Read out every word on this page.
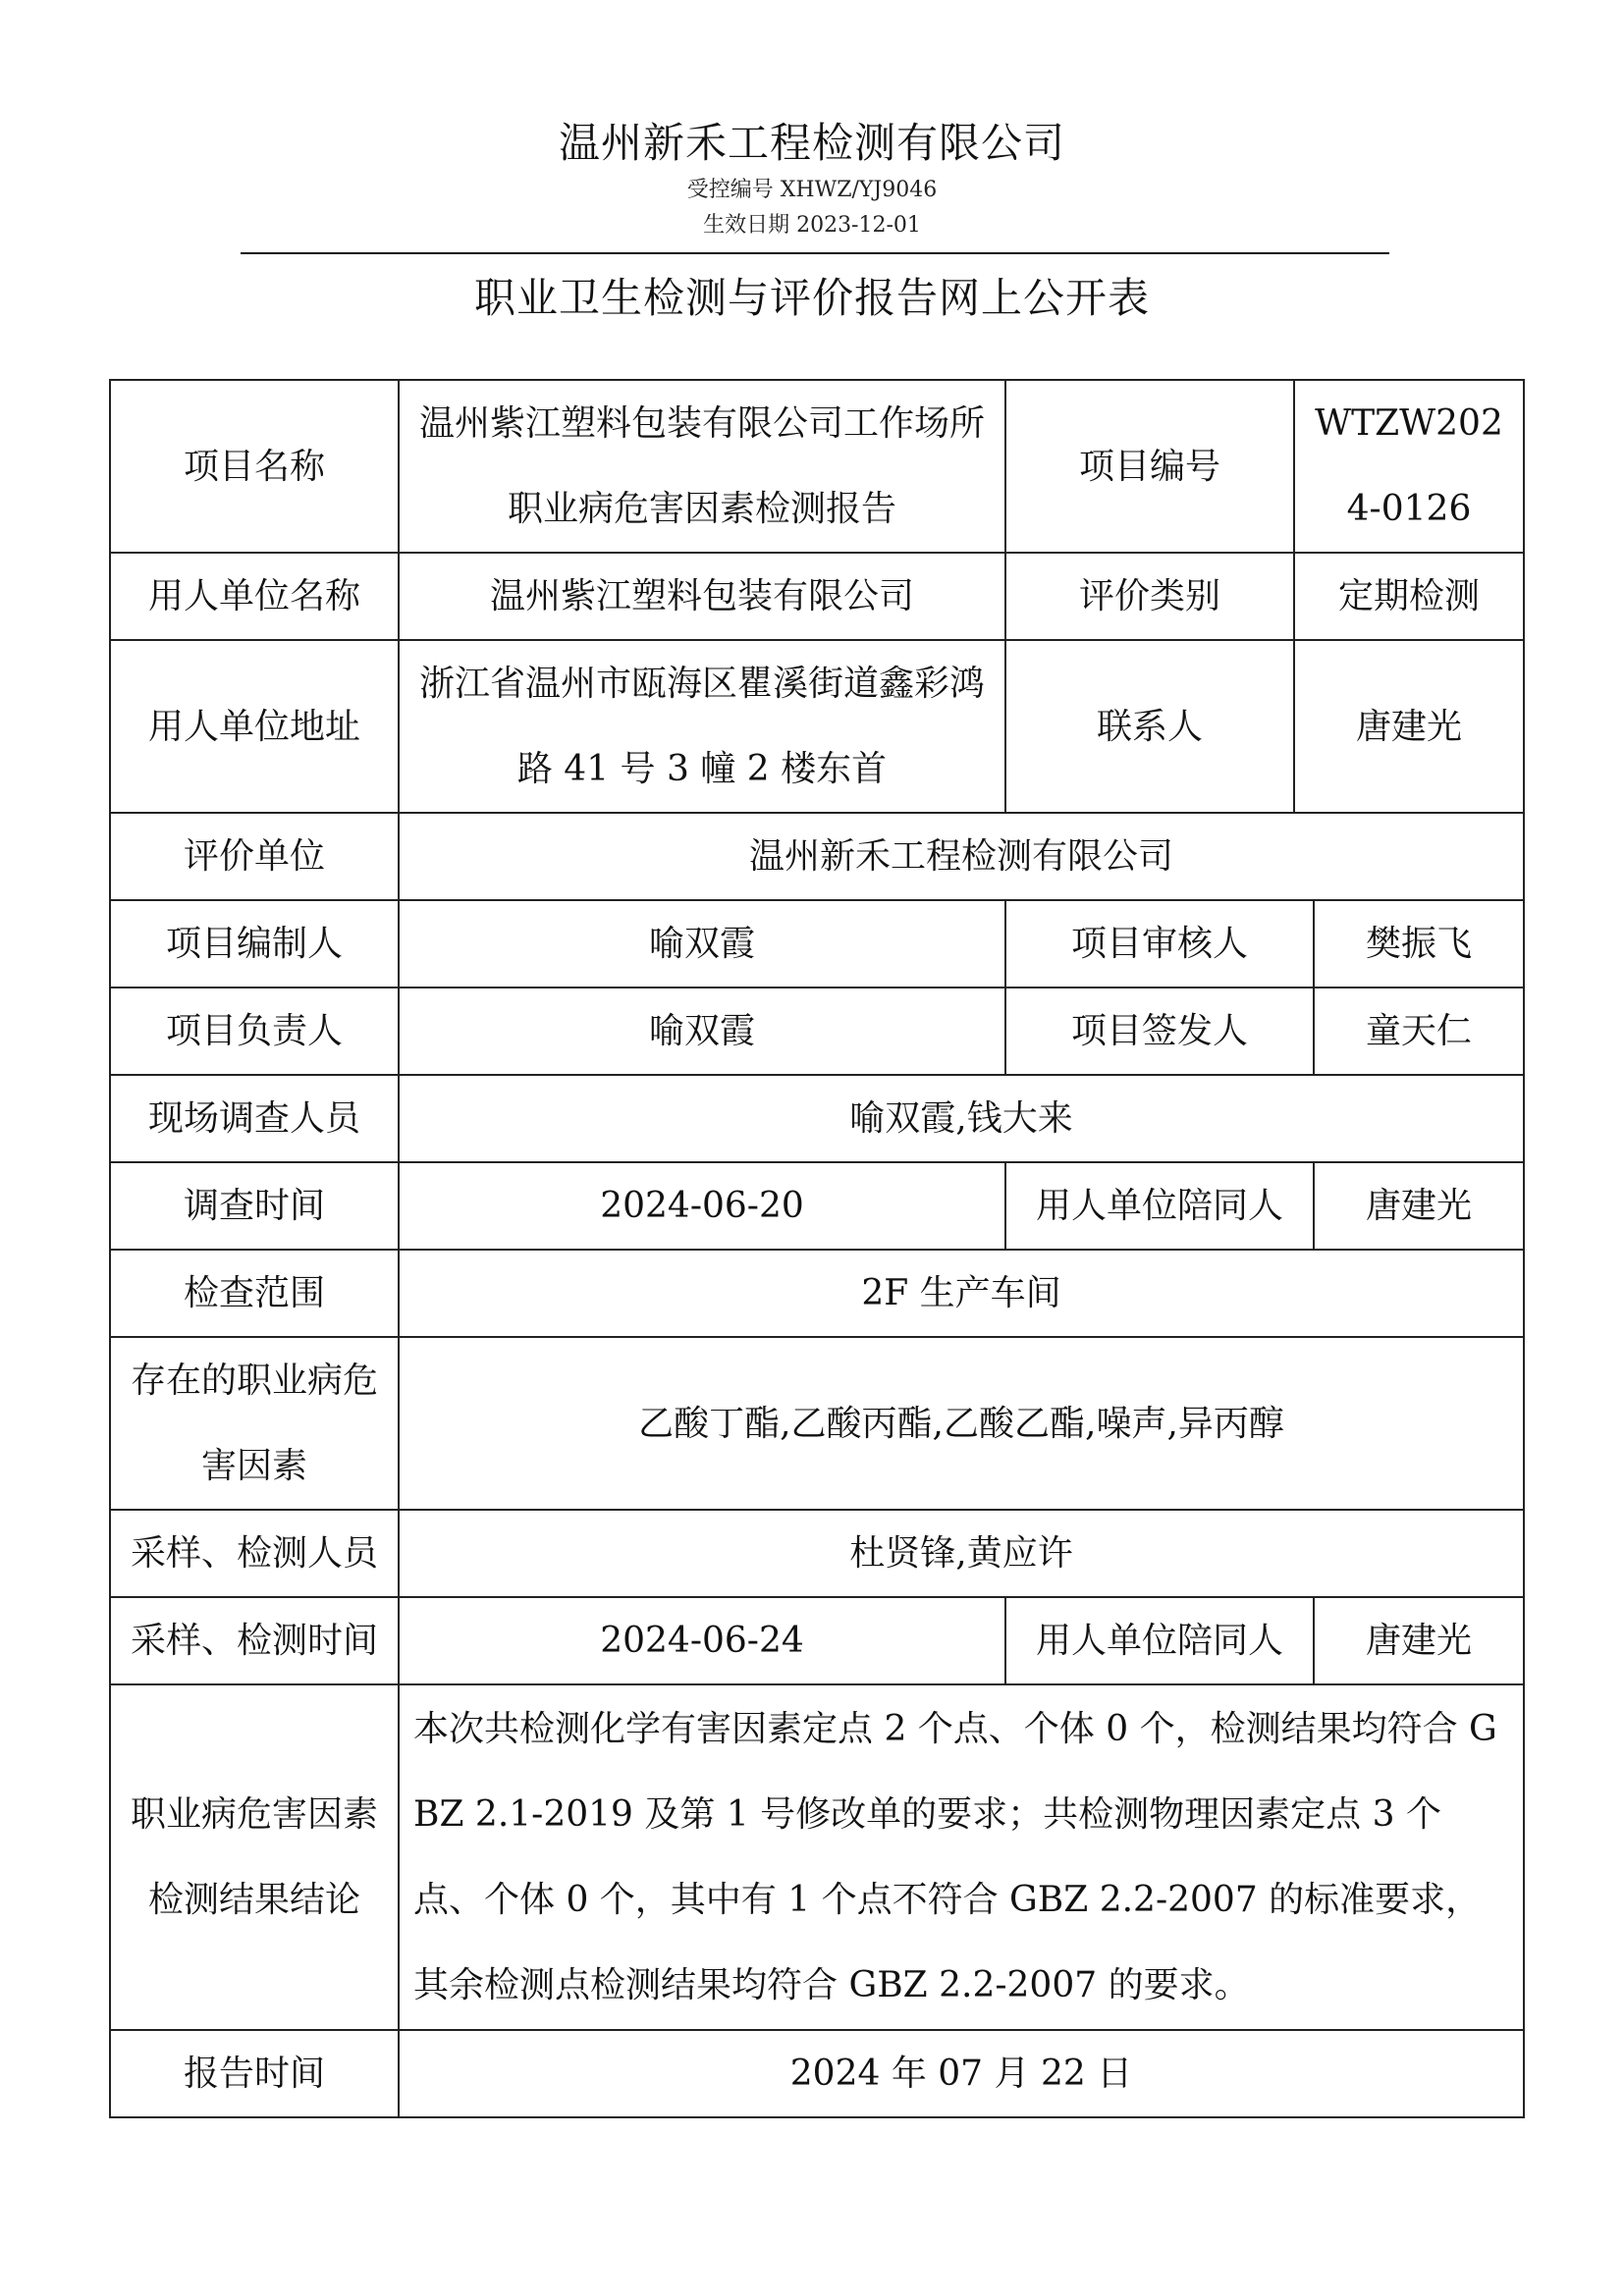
温州新禾工程检测有限公司
受控编号 XHWZ/YJ9046
生效日期 2023-12-01
职业卫生检测与评价报告网上公开表
项目名称	温州紫江塑料包装有限公司工作场所职业病危害因素检测报告	项目编号	WTZW2024-0126	
用人单位名称	温州紫江塑料包装有限公司	评价类别	定期检测	
用人单位地址	浙江省温州市瓯海区瞿溪街道鑫彩鸿路 41 号 3 幢 2 楼东首	联系人	唐建光	
评价单位	温州新禾工程检测有限公司			
项目编制人	喻双霞	项目审核人		樊振飞
项目负责人	喻双霞	项目签发人		童天仁
现场调查人员	喻双霞,钱大来			
调查时间	2024-06-20	用人单位陪同人		唐建光
检查范围	2F 生产车间			
存在的职业病危害因素	乙酸丁酯,乙酸丙酯,乙酸乙酯,噪声,异丙醇			
采样、检测人员	杜贤锋,黄应许			
采样、检测时间	2024-06-24	用人单位陪同人		唐建光
职业病危害因素检测结果结论	本次共检测化学有害因素定点 2 个点、个体 0 个，检测结果均符合 GBZ 2.1-2019 及第 1 号修改单的要求；共检测物理因素定点 3 个点、个体 0 个，其中有 1 个点不符合 GBZ 2.2-2007 的标准要求，其余检测点检测结果均符合 GBZ 2.2-2007 的要求。			
报告时间	2024 年 07 月 22 日			
